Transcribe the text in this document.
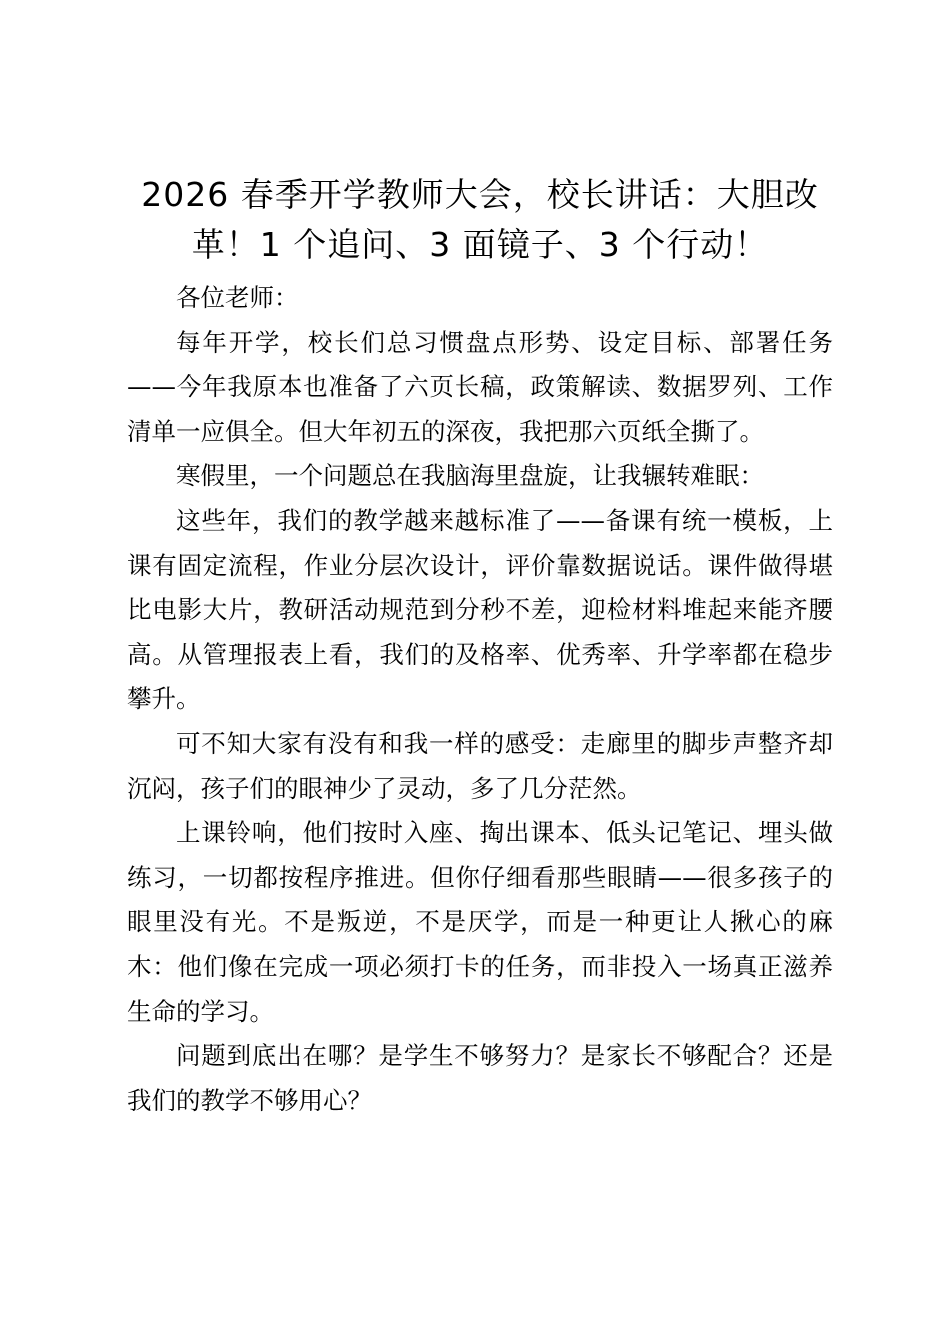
2026 春季开学教师大会，校长讲话：大胆改革！1 个追问、3 面镜子、3 个行动！

各位老师：

每年开学，校长们总习惯盘点形势、设定目标、部署任务——今年我原本也准备了六页长稿，政策解读、数据罗列、工作清单一应俱全。但大年初五的深夜，我把那六页纸全撕了。

寒假里，一个问题总在我脑海里盘旋，让我辗转难眠：

这些年，我们的教学越来越标准了——备课有统一模板，上课有固定流程，作业分层次设计，评价靠数据说话。课件做得堪比电影大片，教研活动规范到分秒不差，迎检材料堆起来能齐腰高。从管理报表上看，我们的及格率、优秀率、升学率都在稳步攀升。

可不知大家有没有和我一样的感受：走廊里的脚步声整齐却沉闷，孩子们的眼神少了灵动，多了几分茫然。

上课铃响，他们按时入座、掏出课本、低头记笔记、埋头做练习，一切都按程序推进。但你仔细看那些眼睛——很多孩子的眼里没有光。不是叛逆，不是厌学，而是一种更让人揪心的麻木：他们像在完成一项必须打卡的任务，而非投入一场真正滋养生命的学习。

问题到底出在哪？是学生不够努力？是家长不够配合？还是我们的教学不够用心？
